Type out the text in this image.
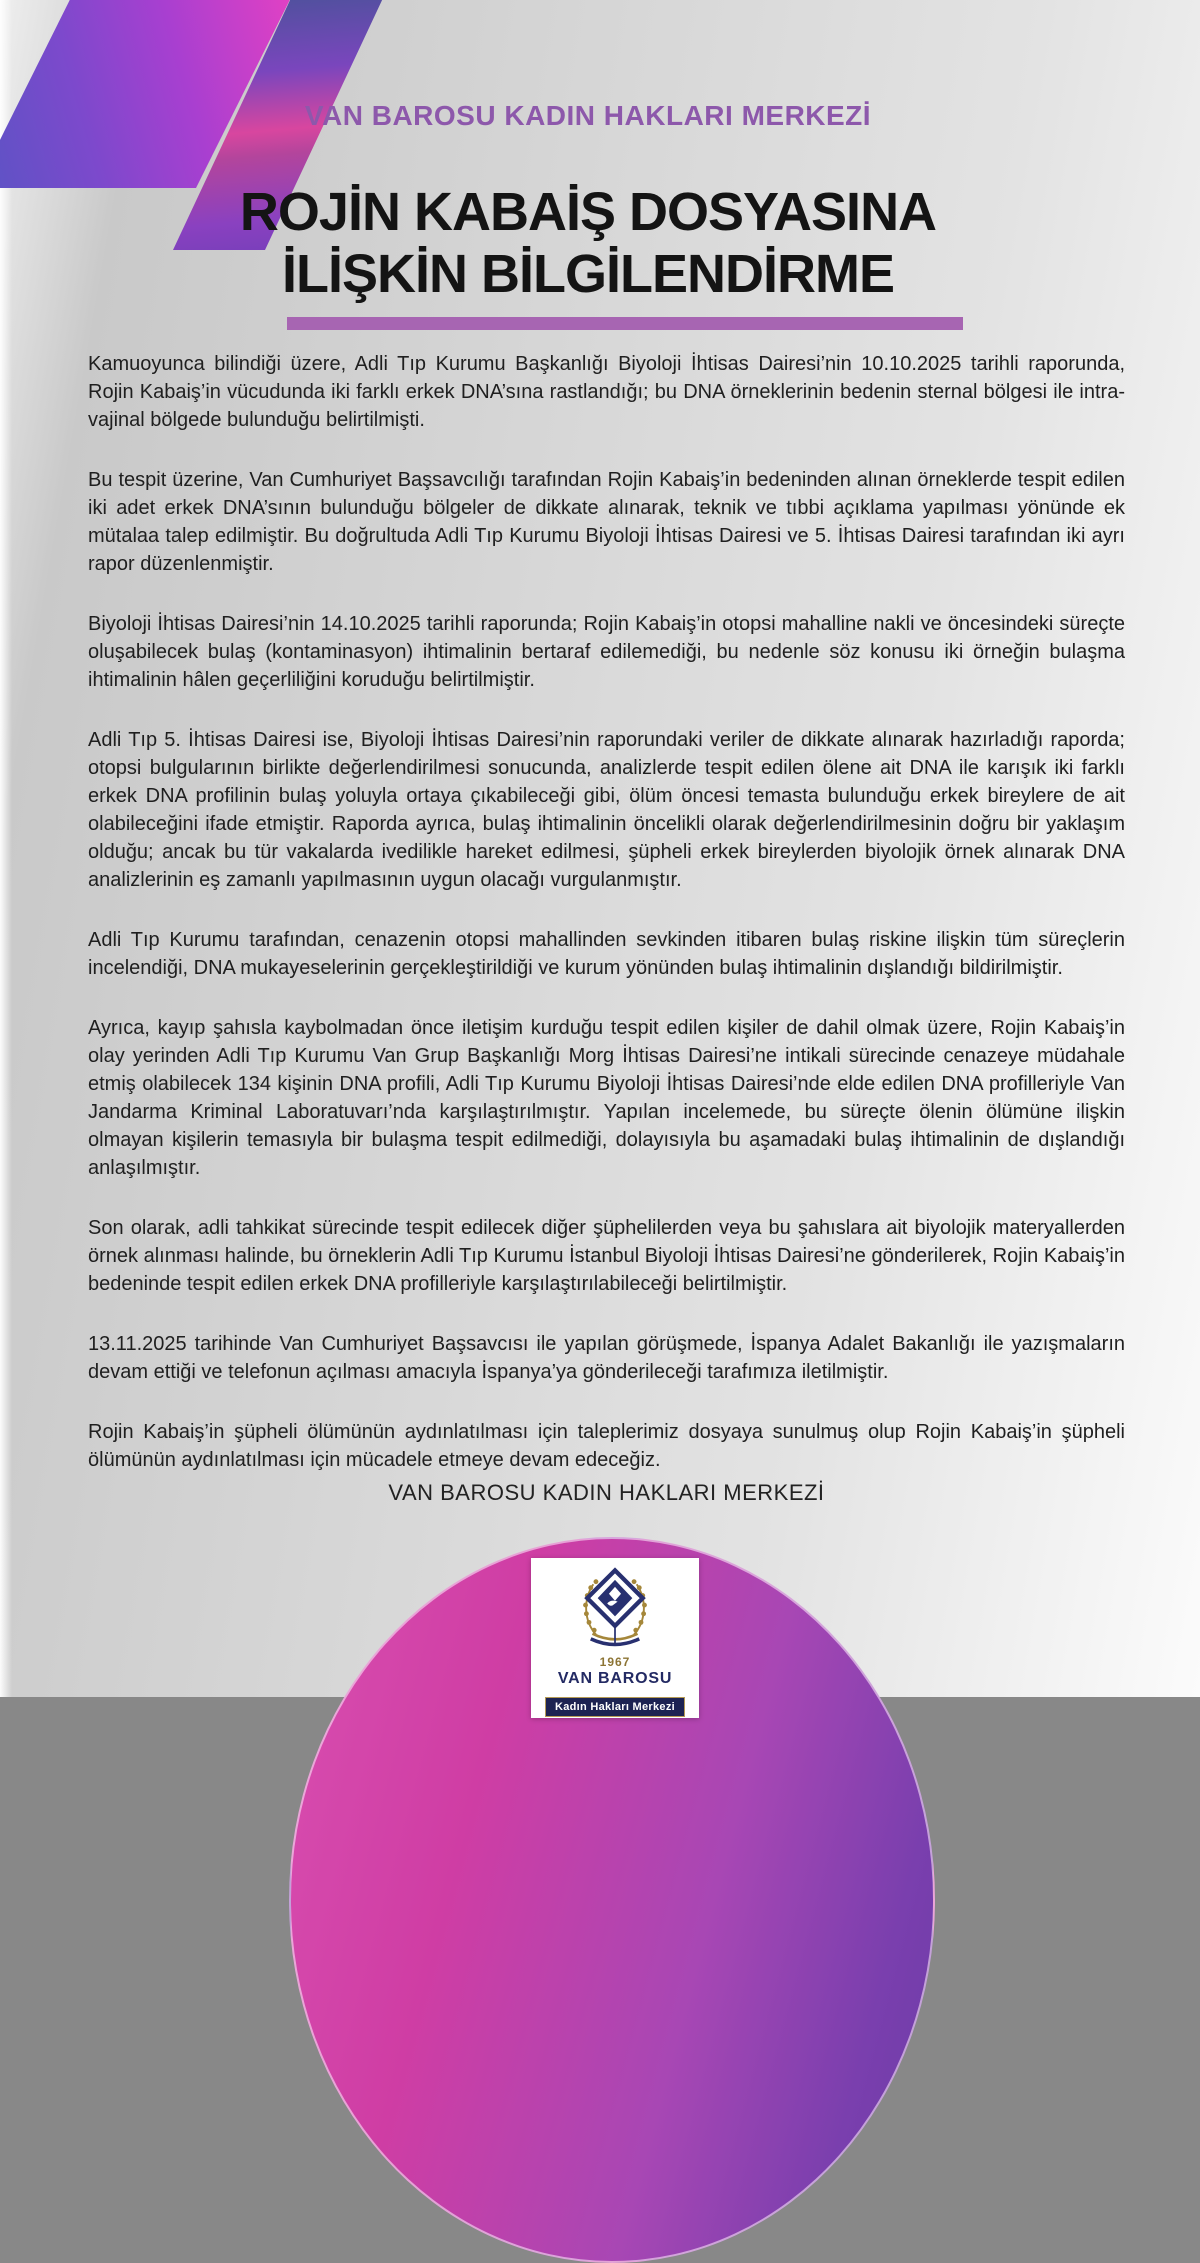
VAN BAROSU KADIN HAKLARI MERKEZİ
ROJİN KABAİŞ DOSYASINA
İLİŞKİN BİLGİLENDİRME

Kamuoyunca bilindiği üzere, Adli Tıp Kurumu Başkanlığı Biyoloji İhtisas Dairesi’nin 10.10.2025 tarihli raporunda, Rojin Kabaiş’in vücudunda iki farklı erkek DNA’sına rastlandığı; bu DNA örneklerinin bedenin sternal bölgesi ile intra-vajinal bölgede bulunduğu belirtilmişti.

Bu tespit üzerine, Van Cumhuriyet Başsavcılığı tarafından Rojin Kabaiş’in bedeninden alınan örneklerde tespit edilen iki adet erkek DNA’sının bulunduğu bölgeler de dikkate alınarak, teknik ve tıbbi açıklama yapılması yönünde ek mütalaa talep edilmiştir. Bu doğrultuda Adli Tıp Kurumu Biyoloji İhtisas Dairesi ve 5. İhtisas Dairesi tarafından iki ayrı rapor düzenlenmiştir.

Biyoloji İhtisas Dairesi’nin 14.10.2025 tarihli raporunda; Rojin Kabaiş’in otopsi mahalline nakli ve öncesindeki süreçte oluşabilecek bulaş (kontaminasyon) ihtimalinin bertaraf edilemediği, bu nedenle söz konusu iki örneğin bulaşma ihtimalinin hâlen geçerliliğini koruduğu belirtilmiştir.

Adli Tıp 5. İhtisas Dairesi ise, Biyoloji İhtisas Dairesi’nin raporundaki veriler de dikkate alınarak hazırladığı raporda; otopsi bulgularının birlikte değerlendirilmesi sonucunda, analizlerde tespit edilen ölene ait DNA ile karışık iki farklı erkek DNA profilinin bulaş yoluyla ortaya çıkabileceği gibi, ölüm öncesi temasta bulunduğu erkek bireylere de ait olabileceğini ifade etmiştir. Raporda ayrıca, bulaş ihtimalinin öncelikli olarak değerlendirilmesinin doğru bir yaklaşım olduğu; ancak bu tür vakalarda ivedilikle hareket edilmesi, şüpheli erkek bireylerden biyolojik örnek alınarak DNA analizlerinin eş zamanlı yapılmasının uygun olacağı vurgulanmıştır.

Adli Tıp Kurumu tarafından, cenazenin otopsi mahallinden sevkinden itibaren bulaş riskine ilişkin tüm süreçlerin incelendiği, DNA mukayeselerinin gerçekleştirildiği ve kurum yönünden bulaş ihtimalinin dışlandığı bildirilmiştir.

Ayrıca, kayıp şahısla kaybolmadan önce iletişim kurduğu tespit edilen kişiler de dahil olmak üzere, Rojin Kabaiş’in olay yerinden Adli Tıp Kurumu Van Grup Başkanlığı Morg İhtisas Dairesi’ne intikali sürecinde cenazeye müdahale etmiş olabilecek 134 kişinin DNA profili, Adli Tıp Kurumu Biyoloji İhtisas Dairesi’nde elde edilen DNA profilleriyle Van Jandarma Kriminal Laboratuvarı’nda karşılaştırılmıştır. Yapılan incelemede, bu süreçte ölenin ölümüne ilişkin olmayan kişilerin temasıyla bir bulaşma tespit edilmediği, dolayısıyla bu aşamadaki bulaş ihtimalinin de dışlandığı anlaşılmıştır.

Son olarak, adli tahkikat sürecinde tespit edilecek diğer şüphelilerden veya bu şahıslara ait biyolojik materyallerden örnek alınması halinde, bu örneklerin Adli Tıp Kurumu İstanbul Biyoloji İhtisas Dairesi’ne gönderilerek, Rojin Kabaiş’in bedeninde tespit edilen erkek DNA profilleriyle karşılaştırılabileceği belirtilmiştir.

13.11.2025 tarihinde Van Cumhuriyet Başsavcısı ile yapılan görüşmede, İspanya Adalet Bakanlığı ile yazışmaların devam ettiği ve telefonun açılması amacıyla İspanya’ya gönderileceği tarafımıza iletilmiştir.

Rojin Kabaiş’in şüpheli ölümünün aydınlatılması için taleplerimiz dosyaya sunulmuş olup Rojin Kabaiş’in şüpheli ölümünün aydınlatılması için mücadele etmeye devam edeceğiz.

VAN BAROSU KADIN HAKLARI MERKEZİ
1967
VAN BAROSU
Kadın Hakları Merkezi
